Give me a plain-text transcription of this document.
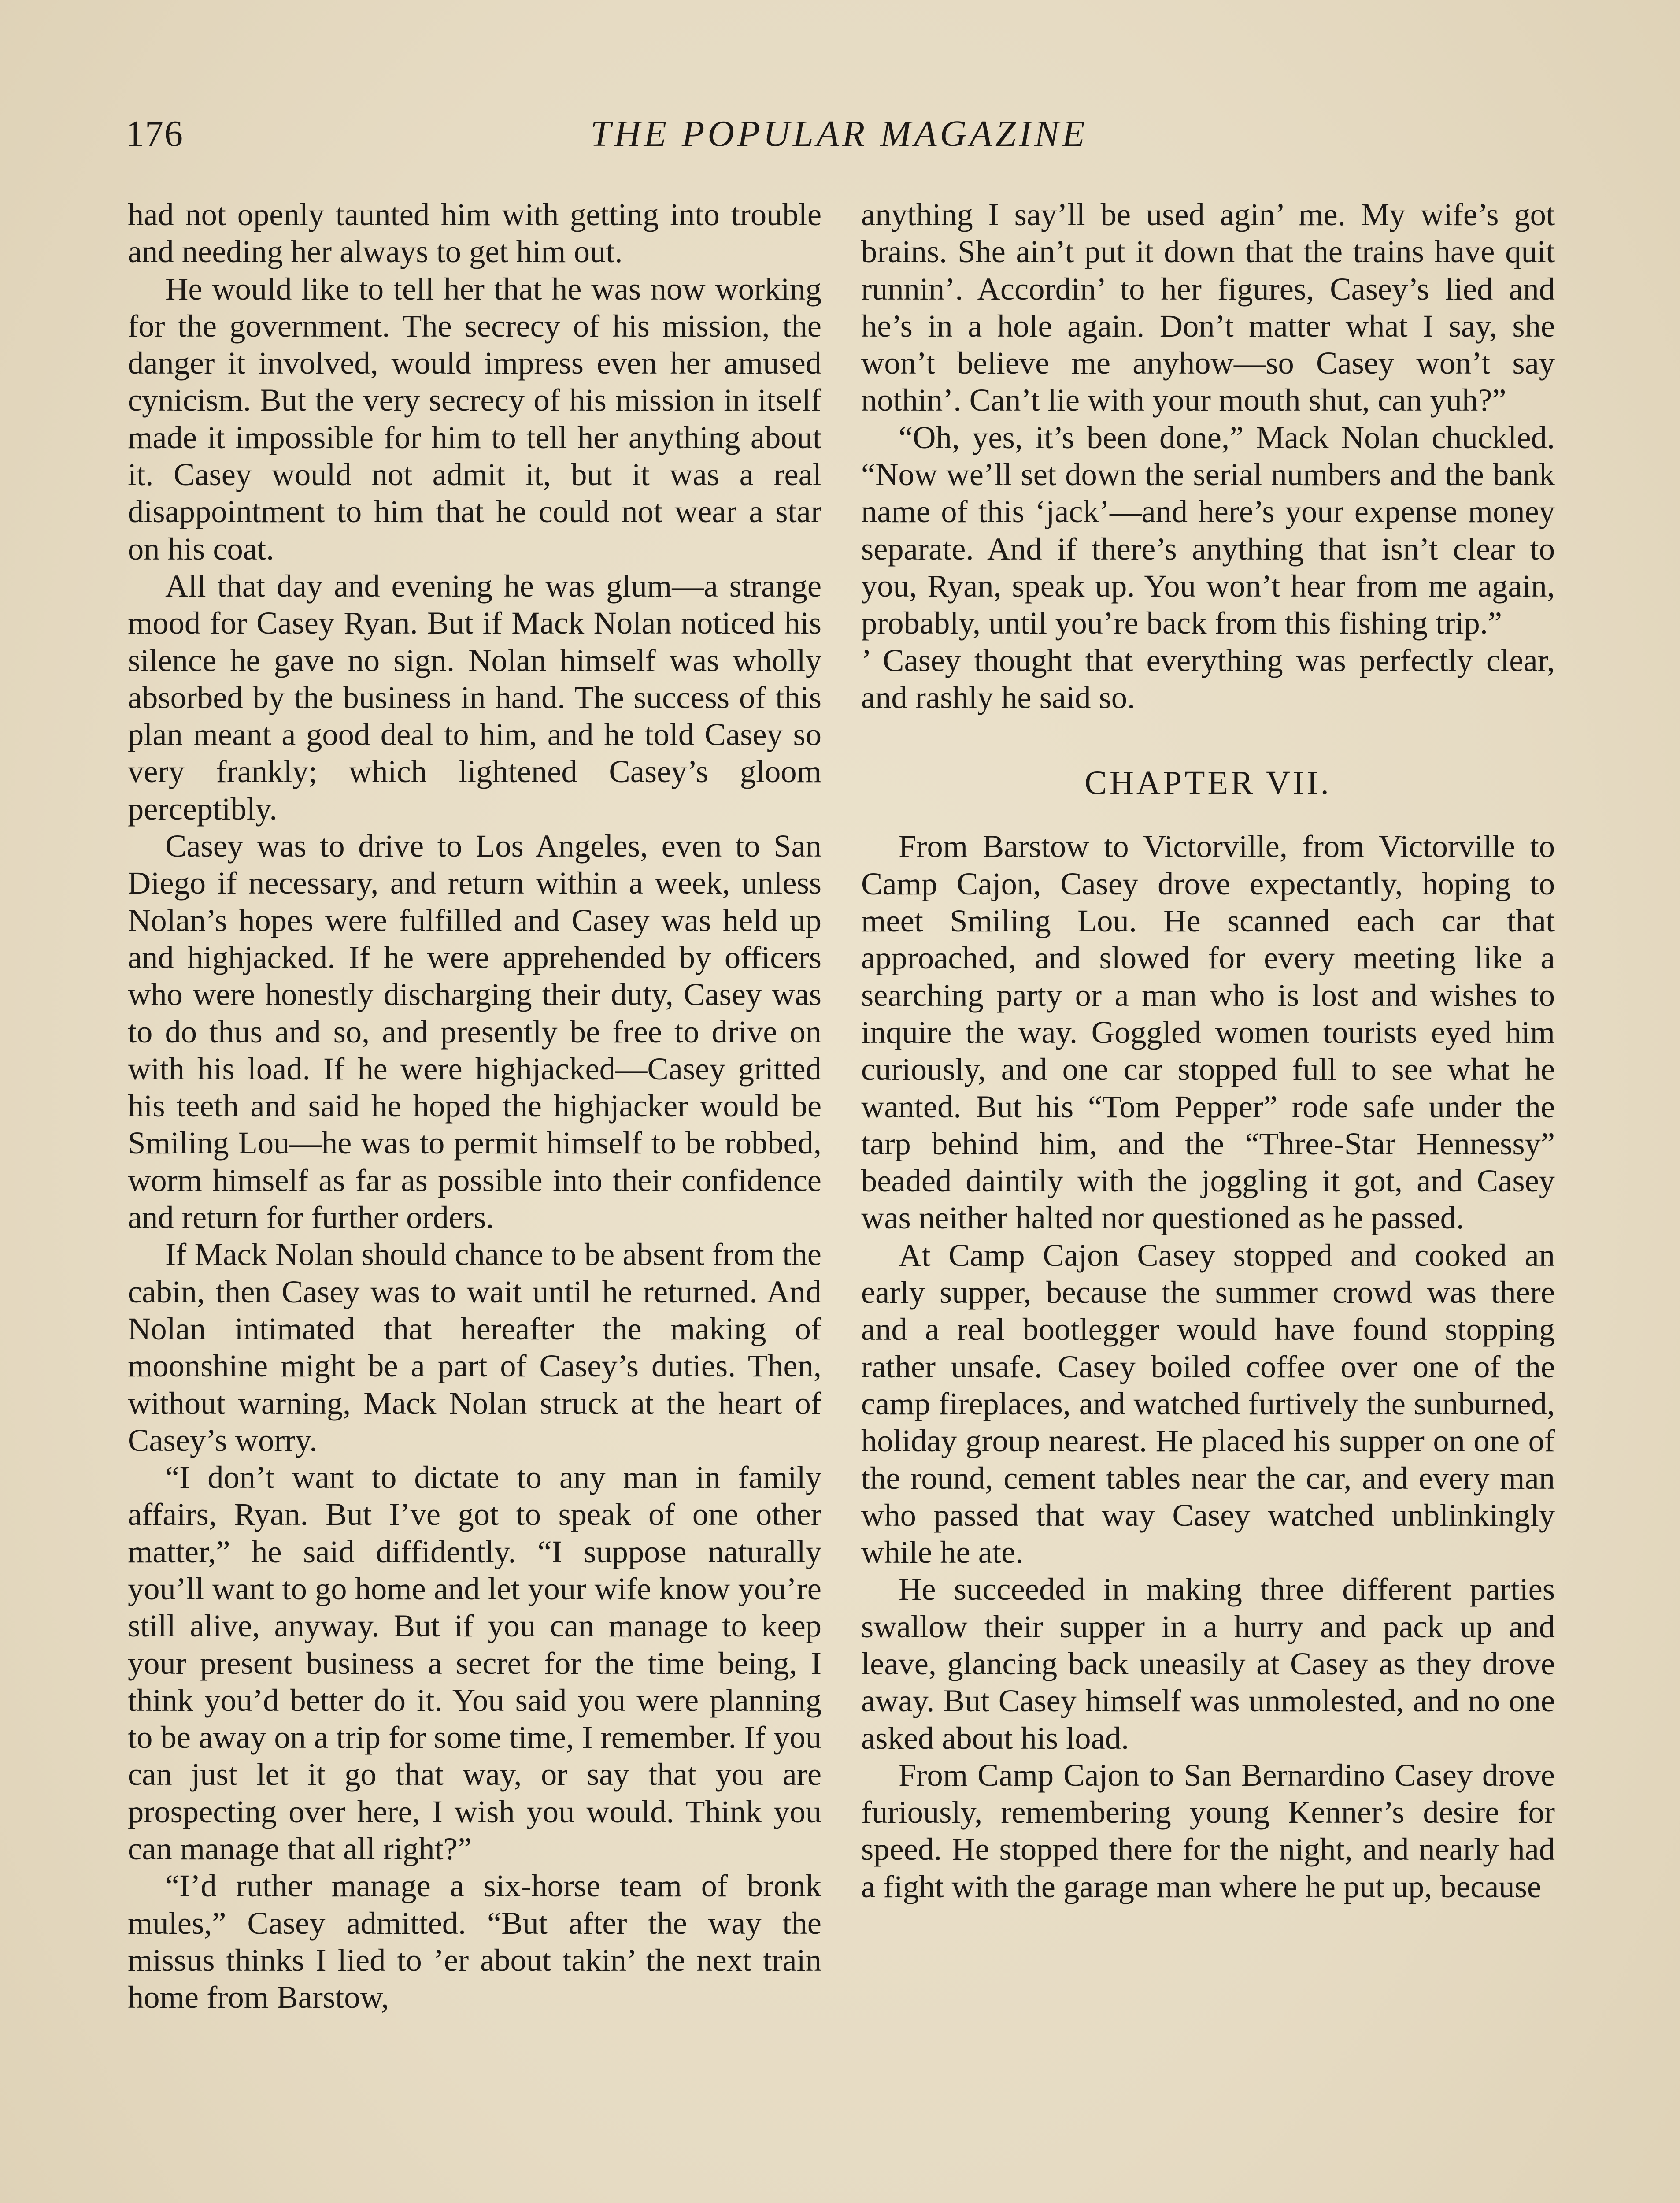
176	THE POPULAR MAGAZINE

had not openly taunted him with getting into trouble and needing her always to get him out.

He would like to tell her that he was now working for the government. The secrecy of his mission, the danger it involved, would impress even her amused cynicism. But the very secrecy of his mission in itself made it impossible for him to tell her anything about it. Casey would not admit it, but it was a real disappointment to him that he could not wear a star on his coat.

All that day and evening he was glum—a strange mood for Casey Ryan. But if Mack Nolan noticed his silence he gave no sign. Nolan himself was wholly absorbed by the business in hand. The success of this plan meant a good deal to him, and he told Casey so very frankly; which lightened Casey’s gloom perceptibly.

Casey was to drive to Los Angeles, even to San Diego if necessary, and return within a week, unless Nolan’s hopes were fulfilled and Casey was held up and highjacked. If he were apprehended by officers who were honestly discharging their duty, Casey was to do thus and so, and presently be free to drive on with his load. If he were highjacked—Casey gritted his teeth and said he hoped the highjacker would be Smiling Lou—he was to permit himself to be robbed, worm himself as far as possible into their confidence and return for further orders.

If Mack Nolan should chance to be absent from the cabin, then Casey was to wait until he returned. And Nolan intimated that hereafter the making of moonshine might be a part of Casey’s duties. Then, without warning, Mack Nolan struck at the heart of Casey’s worry.

“I don’t want to dictate to any man in family affairs, Ryan. But I’ve got to speak of one other matter,” he said diffidently. “I suppose naturally you’ll want to go home and let your wife know you’re still alive, anyway. But if you can manage to keep your present business a secret for the time being, I think you’d better do it. You said you were planning to be away on a trip for some time, I remember. If you can just let it go that way, or say that you are prospecting over here, I wish you would. Think you can manage that all right?”

“I’d ruther manage a six-horse team of bronk mules,” Casey admitted. “But after the way the missus thinks I lied to ’er about takin’ the next train home from Barstow,

anything I say’ll be used agin’ me. My wife’s got brains. She ain’t put it down that the trains have quit runnin’. Accordin’ to her figures, Casey’s lied and he’s in a hole again. Don’t matter what I say, she won’t believe me anyhow—so Casey won’t say nothin’. Can’t lie with your mouth shut, can yuh?”

“Oh, yes, it’s been done,” Mack Nolan chuckled. “Now we’ll set down the serial numbers and the bank name of this ‘jack’—and here’s your expense money separate. And if there’s anything that isn’t clear to you, Ryan, speak up. You won’t hear from me again, probably, until you’re back from this fishing trip.”

’ Casey thought that everything was perfectly clear, and rashly he said so.

CHAPTER VII.

From Barstow to Victorville, from Victorville to Camp Cajon, Casey drove expectantly, hoping to meet Smiling Lou. He scanned each car that approached, and slowed for every meeting like a searching party or a man who is lost and wishes to inquire the way. Goggled women tourists eyed him curiously, and one car stopped full to see what he wanted. But his “Tom Pepper” rode safe under the tarp behind him, and the “Three-Star Hennessy” beaded daintily with the joggling it got, and Casey was neither halted nor questioned as he passed.

At Camp Cajon Casey stopped and cooked an early supper, because the summer crowd was there and a real bootlegger would have found stopping rather unsafe. Casey boiled coffee over one of the camp fireplaces, and watched furtively the sunburned, holiday group nearest. He placed his supper on one of the round, cement tables near the car, and every man who passed that way Casey watched unblinkingly while he ate.

He succeeded in making three different parties swallow their supper in a hurry and pack up and leave, glancing back uneasily at Casey as they drove away. But Casey himself was unmolested, and no one asked about his load.

From Camp Cajon to San Bernardino Casey drove furiously, remembering young Kenner’s desire for speed. He stopped there for the night, and nearly had a fight with the garage man where he put up, because
